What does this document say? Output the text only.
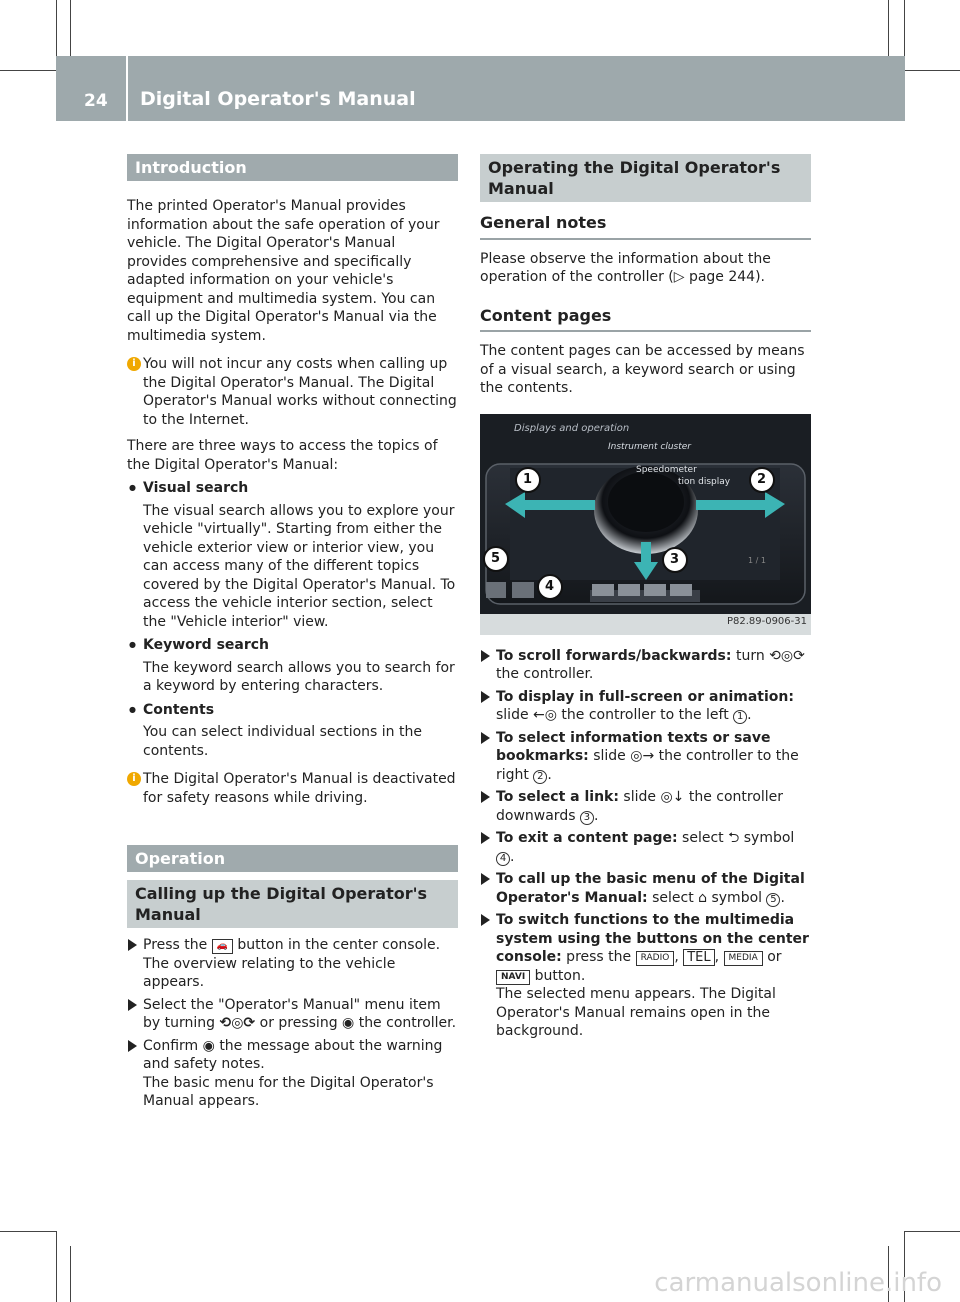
24 Digital Operator's Manual
Introduction

The printed Operator's Manual provides information about the safe operation of your vehicle. The Digital Operator's Manual provides comprehensive and specifically adapted information on your vehicle's equipment and multimedia system. You can call up the Digital Operator's Manual via the multimedia system.

i You will not incur any costs when calling up the Digital Operator's Manual. The Digital Operator's Manual works without connecting to the Internet.

There are three ways to access the topics of the Digital Operator's Manual:

● Visual search
The visual search allows you to explore your vehicle "virtually". Starting from either the vehicle exterior view or interior view, you can access many of the different topics covered by the Digital Operator's Manual. To access the vehicle interior section, select the "Vehicle interior" view.
● Keyword search
The keyword search allows you to search for a keyword by entering characters.
● Contents
You can select individual sections in the contents.
i The Digital Operator's Manual is deactivated for safety reasons while driving.
Operation
Calling up the Digital Operator's Manual
Press the 🚗 button in the center console.
The overview relating to the vehicle appears.
Select the "Operator's Manual" menu item by turning ⟲◎⟳ or pressing ◉ the controller.
Confirm ◉ the message about the warning and safety notes.
The basic menu for the Digital Operator's Manual appears.
Operating the Digital Operator's Manual
General notes

Please observe the information about the operation of the controller (▷ page 244).

Content pages

The content pages can be accessed by means of a visual search, a keyword search or using the contents.

Displays and operation
Instrument cluster
Speedometer
tion display
1 / 1
1	2
3
4
5
P82.89-0906-31
To scroll forwards/backwards: turn ⟲◎⟳ the controller.
To display in full-screen or animation: slide ←◎ the controller to the left 1 .
To select information texts or save bookmarks: slide ◎→ the controller to the right 2 .
To select a link: slide ◎↓ the controller downwards 3 .
To exit a content page: select ⮌ symbol 4 .
To call up the basic menu of the Digital Operator's Manual: select ⌂ symbol 5 .
To switch functions to the multimedia system using the buttons on the center console: press the RADIO , TEL , MEDIA or
NAVI button.
The selected menu appears. The Digital Operator's Manual remains open in the background.
carmanualsonline.info
